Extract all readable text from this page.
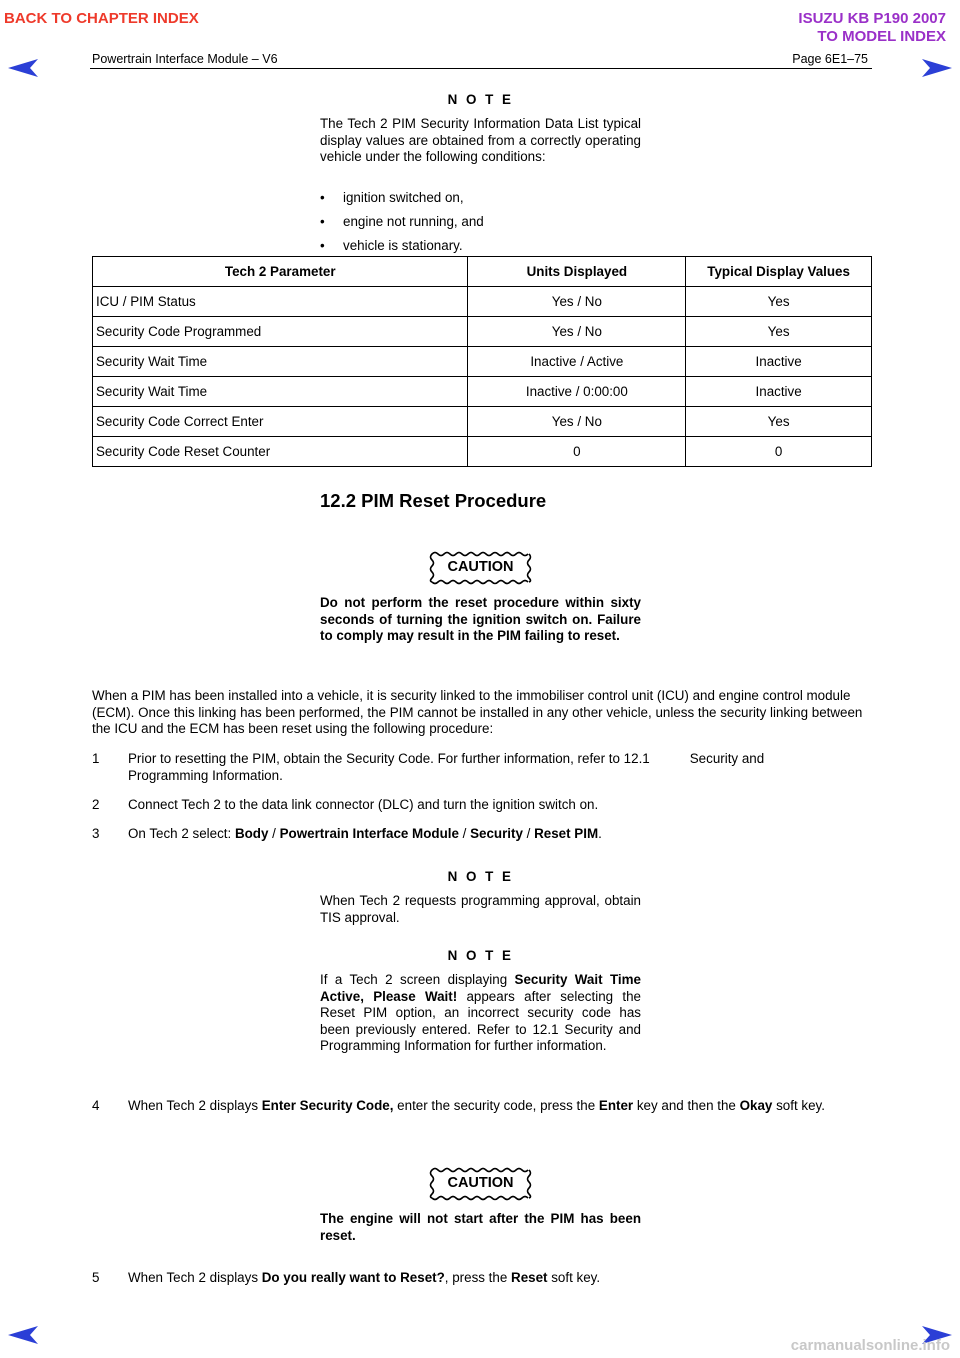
BACK TO CHAPTER INDEX	ISUZU KB P190 2007
TO MODEL INDEX
Powertrain Interface Module – V6	Page 6E1–75
N O T E
The Tech 2 PIM Security Information Data List typical display values are obtained from a correctly operating vehicle under the following conditions:
• ignition switched on,
• engine not running, and
• vehicle is stationary.
Tech 2 Parameter	Units Displayed	Typical Display Values
ICU / PIM Status	Yes / No	Yes
Security Code Programmed	Yes / No	Yes
Security Wait Time	Inactive / Active	Inactive
Security Wait Time	Inactive / 0:00:00	Inactive
Security Code Correct Enter	Yes / No	Yes
Security Code Reset Counter	0	0
12.2 PIM Reset Procedure
CAUTION
Do not perform the reset procedure within sixty seconds of turning the ignition switch on. Failure to comply may result in the PIM failing to reset.
When a PIM has been installed into a vehicle, it is security linked to the immobiliser control unit (ICU) and engine control module (ECM). Once this linking has been performed, the PIM cannot be installed in any other vehicle, unless the security linking between the ICU and the ECM has been reset using the following procedure:
1 Prior to resetting the PIM, obtain the Security Code. For further information, refer to 12.1	Security and
Programming Information.
2 Connect Tech 2 to the data link connector (DLC) and turn the ignition switch on.
3 On Tech 2 select: Body / Powertrain Interface Module / Security / Reset PIM.
N O T E
When Tech 2 requests programming approval, obtain TIS approval.
N O T E
If a Tech 2 screen displaying Security Wait Time Active, Please Wait! appears after selecting the Reset PIM option, an incorrect security code has been previously entered. Refer to 12.1 Security and Programming Information for further information.
4 When Tech 2 displays Enter Security Code, enter the security code, press the Enter key and then the Okay soft key.
CAUTION
The engine will not start after the PIM has been reset.
5 When Tech 2 displays Do you really want to Reset?, press the Reset soft key.
carmanualsonline.info
